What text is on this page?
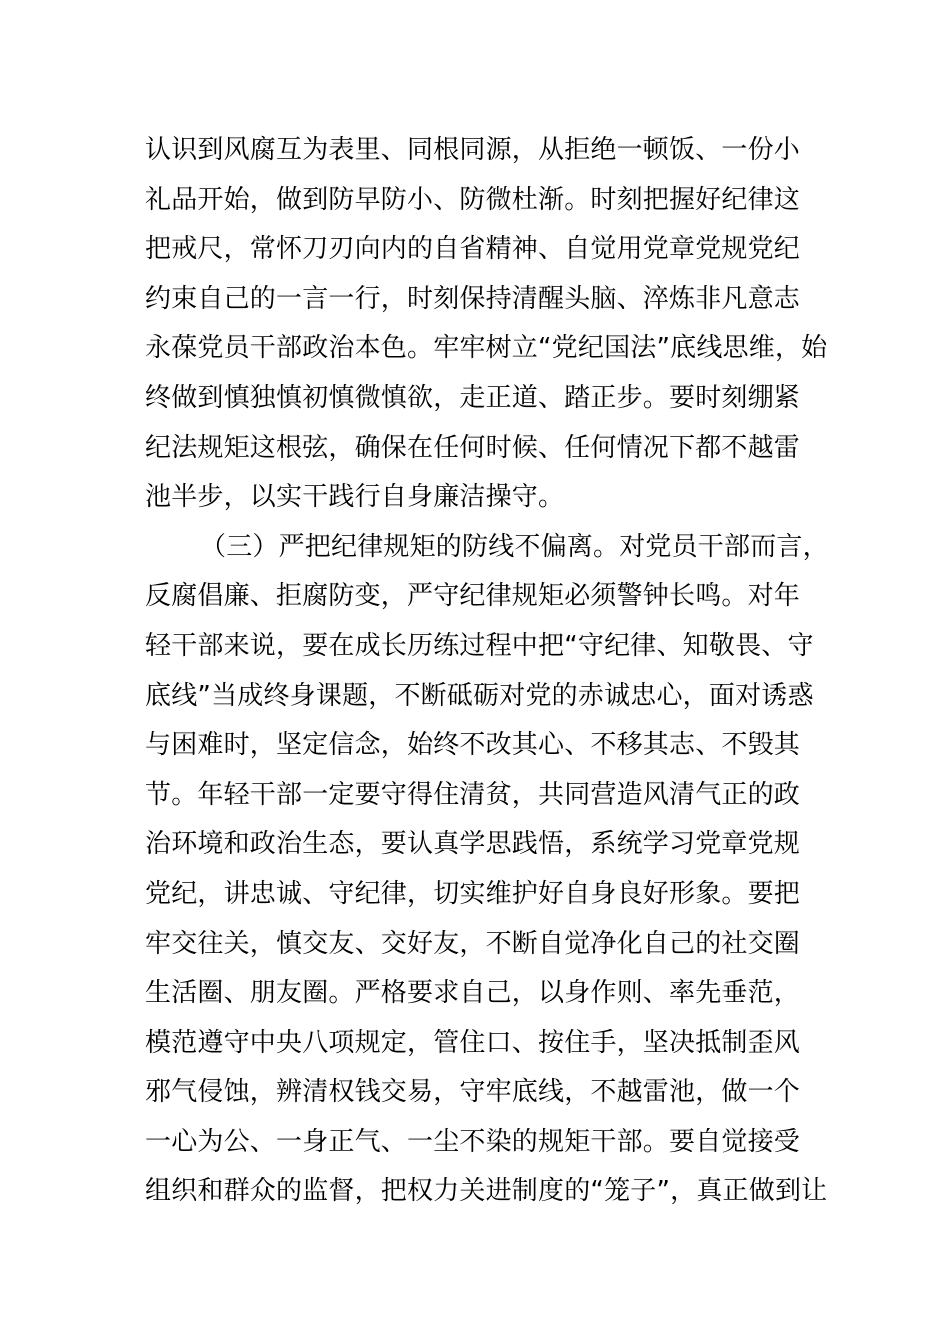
认识到风腐互为表里、同根同源，从拒绝一顿饭、一份小
礼品开始，做到防早防小、防微杜渐。时刻把握好纪律这
把戒尺，常怀刀刃向内的自省精神、自觉用党章党规党纪
约束自己的一言一行，时刻保持清醒头脑、淬炼非凡意志
永葆党员干部政治本色。牢牢树立“党纪国法”底线思维，始
终做到慎独慎初慎微慎欲，走正道、踏正步。要时刻绷紧
纪法规矩这根弦，确保在任何时候、任何情况下都不越雷
池半步，以实干践行自身廉洁操守。
（三）严把纪律规矩的防线不偏离。对党员干部而言，
反腐倡廉、拒腐防变，严守纪律规矩必须警钟长鸣。对年
轻干部来说，要在成长历练过程中把“守纪律、知敬畏、守
底线”当成终身课题，不断砥砺对党的赤诚忠心，面对诱惑
与困难时，坚定信念，始终不改其心、不移其志、不毁其
节。年轻干部一定要守得住清贫，共同营造风清气正的政
治环境和政治生态，要认真学思践悟，系统学习党章党规
党纪，讲忠诚、守纪律，切实维护好自身良好形象。要把
牢交往关，慎交友、交好友，不断自觉净化自己的社交圈
生活圈、朋友圈。严格要求自己，以身作则、率先垂范，
模范遵守中央八项规定，管住口、按住手，坚决抵制歪风
邪气侵蚀，辨清权钱交易，守牢底线，不越雷池，做一个
一心为公、一身正气、一尘不染的规矩干部。要自觉接受
组织和群众的监督，把权力关进制度的“笼子”，真正做到让
